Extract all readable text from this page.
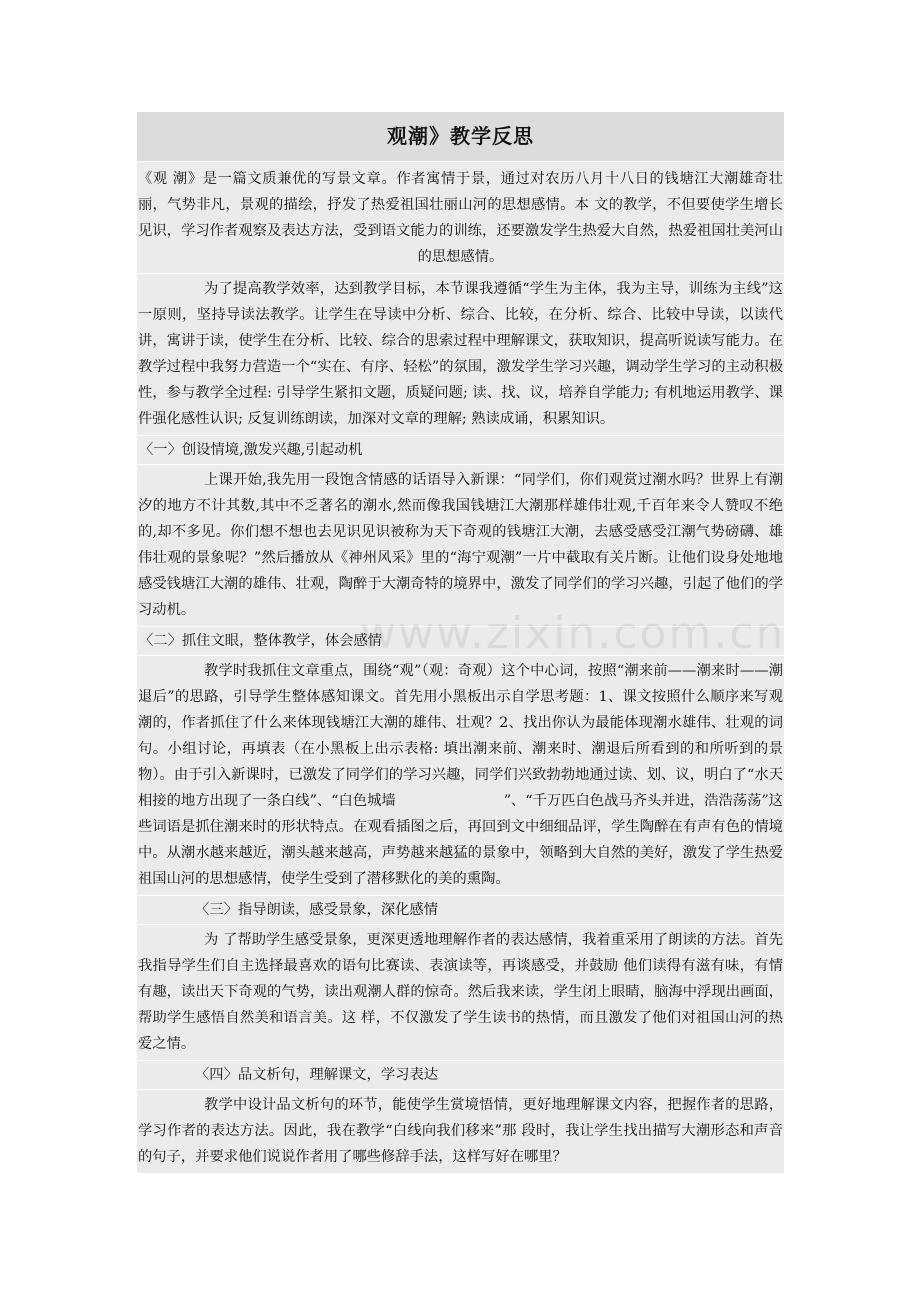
观潮》教学反思
《观 潮》是一篇文质兼优的写景文章。作者寓情于景，通过对农历八月十八日的钱塘江大潮雄奇壮丽，气势非凡，景观的描绘，抒发了热爱祖国壮丽山河的思想感情。本 文的教学，不但要使学生增长见识，学习作者观察及表达方法，受到语文能力的训练，还要激发学生热爱大自然，热爱祖国壮美河山的思想感情。
为了提高教学效率，达到教学目标，本节课我遵循“学生为主体，我为主导，训练为主线”这一原则，坚持导读法教学。让学生在导读中分析、综合、比较，在分析、综合、比较中导读，以读代讲，寓讲于读，使学生在分析、比较、综合的思索过程中理解课文，获取知识，提高听说读写能力。在教学过程中我努力营造一个“实在、有序、轻松”的氛围，激发学生学习兴趣，调动学生学习的主动积极性，参与教学全过程: 引导学生紧扣文题，质疑问题; 读、找、议，培养自学能力; 有机地运用教学、课件强化感性认识; 反复训练朗读，加深对文章的理解; 熟读成诵，积累知识。
〈一〉创设情境,激发兴趣,引起动机
上课开始,我先用一段饱含情感的话语导入新课：“同学们，你们观赏过潮水吗？世界上有潮汐的地方不计其数,其中不乏著名的潮水,然而像我国钱塘江大潮那样雄伟壮观,千百年来令人赞叹不绝的,却不多见。你们想不想也去见识见识被称为天下奇观的钱塘江大潮，去感受感受江潮气势磅礴、雄伟壮观的景象呢？”然后播放从《神州风采》里的“海宁观潮”一片中截取有关片断。让他们设身处地地感受钱塘江大潮的雄伟、壮观，陶醉于大潮奇特的境界中，激发了同学们的学习兴趣，引起了他们的学习动机。
〈二〉抓住文眼，整体教学，体会感情
教学时我抓住文章重点，围绕“观”（观：奇观）这个中心词，按照“潮来前——潮来时——潮退后”的思路，引导学生整体感知课文。首先用小黑板出示自学思考题：1、课文按照什么顺序来写观潮的，作者抓住了什么来体现钱塘江大潮的雄伟、壮观？2、找出你认为最能体现潮水雄伟、壮观的词句。小组讨论，再填表（在小黑板上出示表格: 填出潮来前、潮来时、潮退后所看到的和所听到的景物）。由于引入新课时，已激发了同学们的学习兴趣，同学们兴致勃勃地通过读、划、议，明白了“水天相接的地方出现了一条白线”、“白色城墙	”、“千万匹白色战马齐头并进，浩浩荡荡”这些词语是抓住潮来时的形状特点。在观看插图之后，再回到文中细细品评，学生陶醉在有声有色的情境中。从潮水越来越近，潮头越来越高，声势越来越猛的景象中，领略到大自然的美好，激发了学生热爱祖国山河的思想感情，使学生受到了潜移默化的美的熏陶。
〈三〉指导朗读，感受景象，深化感情
为 了帮助学生感受景象，更深更透地理解作者的表达感情，我着重采用了朗读的方法。首先我指导学生们自主选择最喜欢的语句比赛读、表演读等，再谈感受，并鼓励 他们读得有滋有味，有情有趣，读出天下奇观的气势，读出观潮人群的惊奇。然后我来读，学生闭上眼睛，脑海中浮现出画面，帮助学生感悟自然美和语言美。这 样，不仅激发了学生读书的热情，而且激发了他们对祖国山河的热爱之情。
〈四〉品文析句，理解课文，学习表达
教学中设计品文析句的环节，能使学生赏境悟情，更好地理解课文内容，把握作者的思路，学习作者的表达方法。因此，我在教学“白线向我们移来”那 段时，我让学生找出描写大潮形态和声音的句子，并要求他们说说作者用了哪些修辞手法，这样写好在哪里？
